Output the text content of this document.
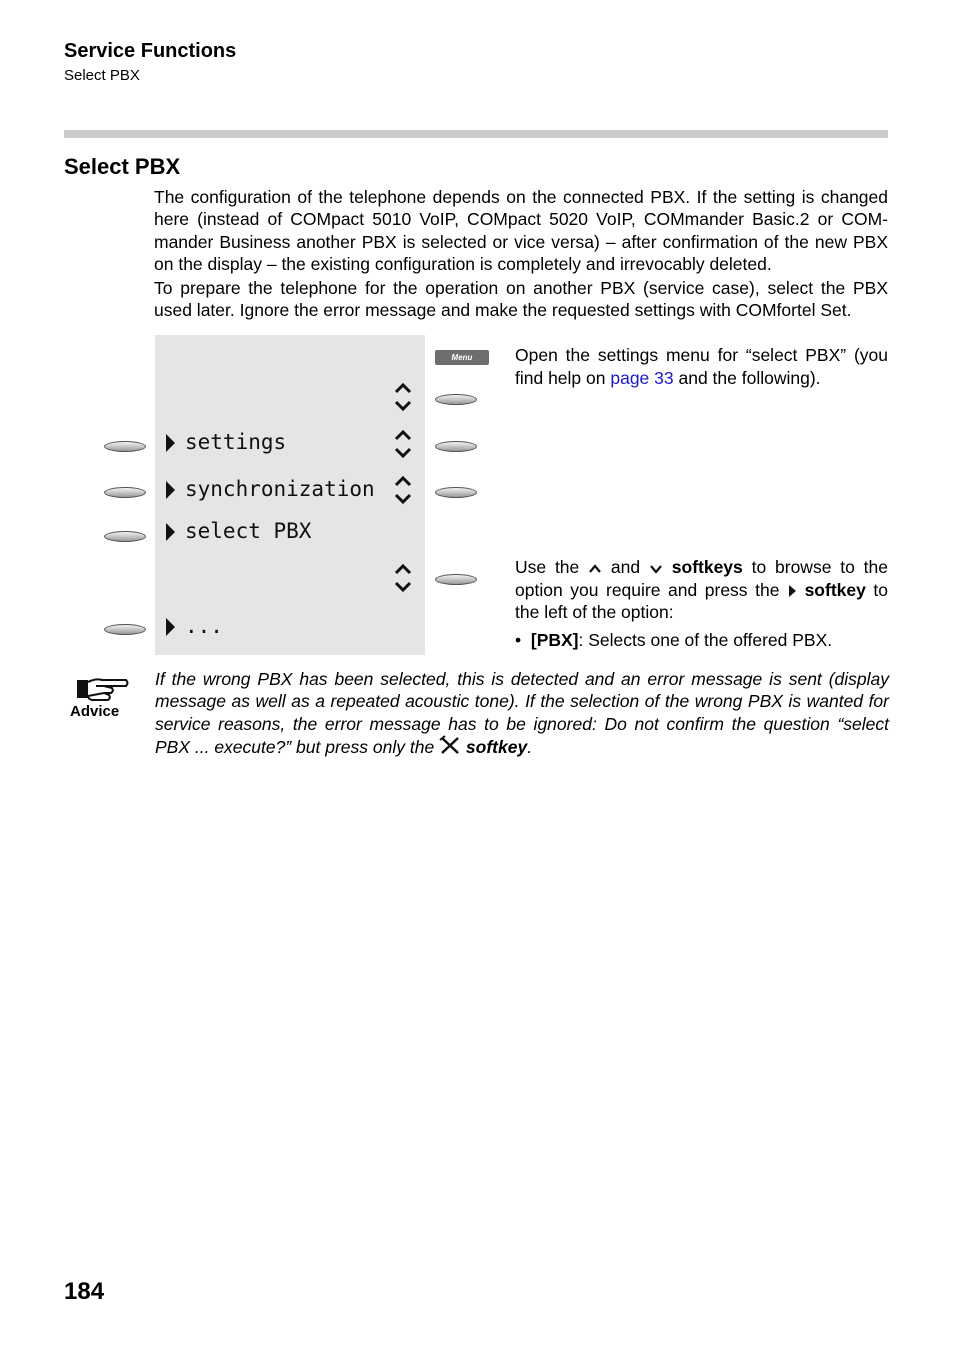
Service Functions
Select PBX
Select PBX
The configuration of the telephone depends on the connected PBX. If the setting is changed here (instead of COMpact 5010 VoIP, COMpact 5020 VoIP, COMmander Basic.2 or COM-mander Business another PBX is selected or vice versa) – after confirmation of the new PBX on the display – the existing configuration is completely and irrevocably deleted.
To prepare the telephone for the operation on another PBX (service case), select the PBX used later. Ignore the error message and make the requested settings with COMfortel Set.
settings
synchronization
select PBX
...
Menu	Open the settings menu for “select PBX” (you find help on page 33 and the following).
Use the  and  softkeys to browse to the option you require and press the  softkey to the left of the option:
• [PBX]: Selects one of the offered PBX.
Advice
If the wrong PBX has been selected, this is detected and an error message is sent (display message as well as a repeated acoustic tone). If the selection of the wrong PBX is wanted for service reasons, the error message has to be ignored: Do not confirm the question “select PBX ... execute?” but press only the  softkey.
184
